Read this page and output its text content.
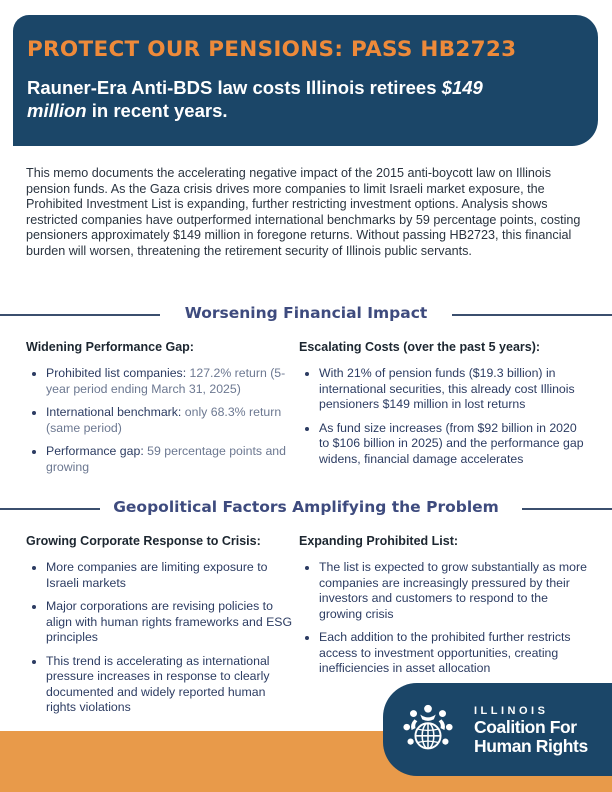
PROTECT OUR PENSIONS: PASS HB2723
Rauner-Era Anti-BDS law costs Illinois retirees $149 million in recent years.

This memo documents the accelerating negative impact of the 2015 anti-boycott law on Illinois pension funds. As the Gaza crisis drives more companies to limit Israeli market exposure, the Prohibited Investment List is expanding, further restricting investment options. Analysis shows restricted companies have outperformed international benchmarks by 59 percentage points, costing pensioners approximately $149 million in foregone returns. Without passing HB2723, this financial burden will worsen, threatening the retirement security of Illinois public servants.

Worsening Financial Impact
Widening Performance Gap:
Prohibited list companies: 127.2% return (5-year period ending March 31, 2025)
International benchmark: only 68.3% return (same period)
Performance gap: 59 percentage points and growing
Escalating Costs (over the past 5 years):
With 21% of pension funds ($19.3 billion) in international securities, this already cost Illinois pensioners $149 million in lost returns
As fund size increases (from $92 billion in 2020 to $106 billion in 2025) and the performance gap widens, financial damage accelerates
Geopolitical Factors Amplifying the Problem
Growing Corporate Response to Crisis:
More companies are limiting exposure to Israeli markets
Major corporations are revising policies to align with human rights frameworks and ESG principles
This trend is accelerating as international pressure increases in response to clearly documented and widely reported human rights violations
Expanding Prohibited List:
The list is expected to grow substantially as more companies are increasingly pressured by their investors and customers to respond to the growing crisis
Each addition to the prohibited further restricts access to investment opportunities, creating inefficiencies in asset allocation
ILLINOIS
Coalition For
Human Rights
